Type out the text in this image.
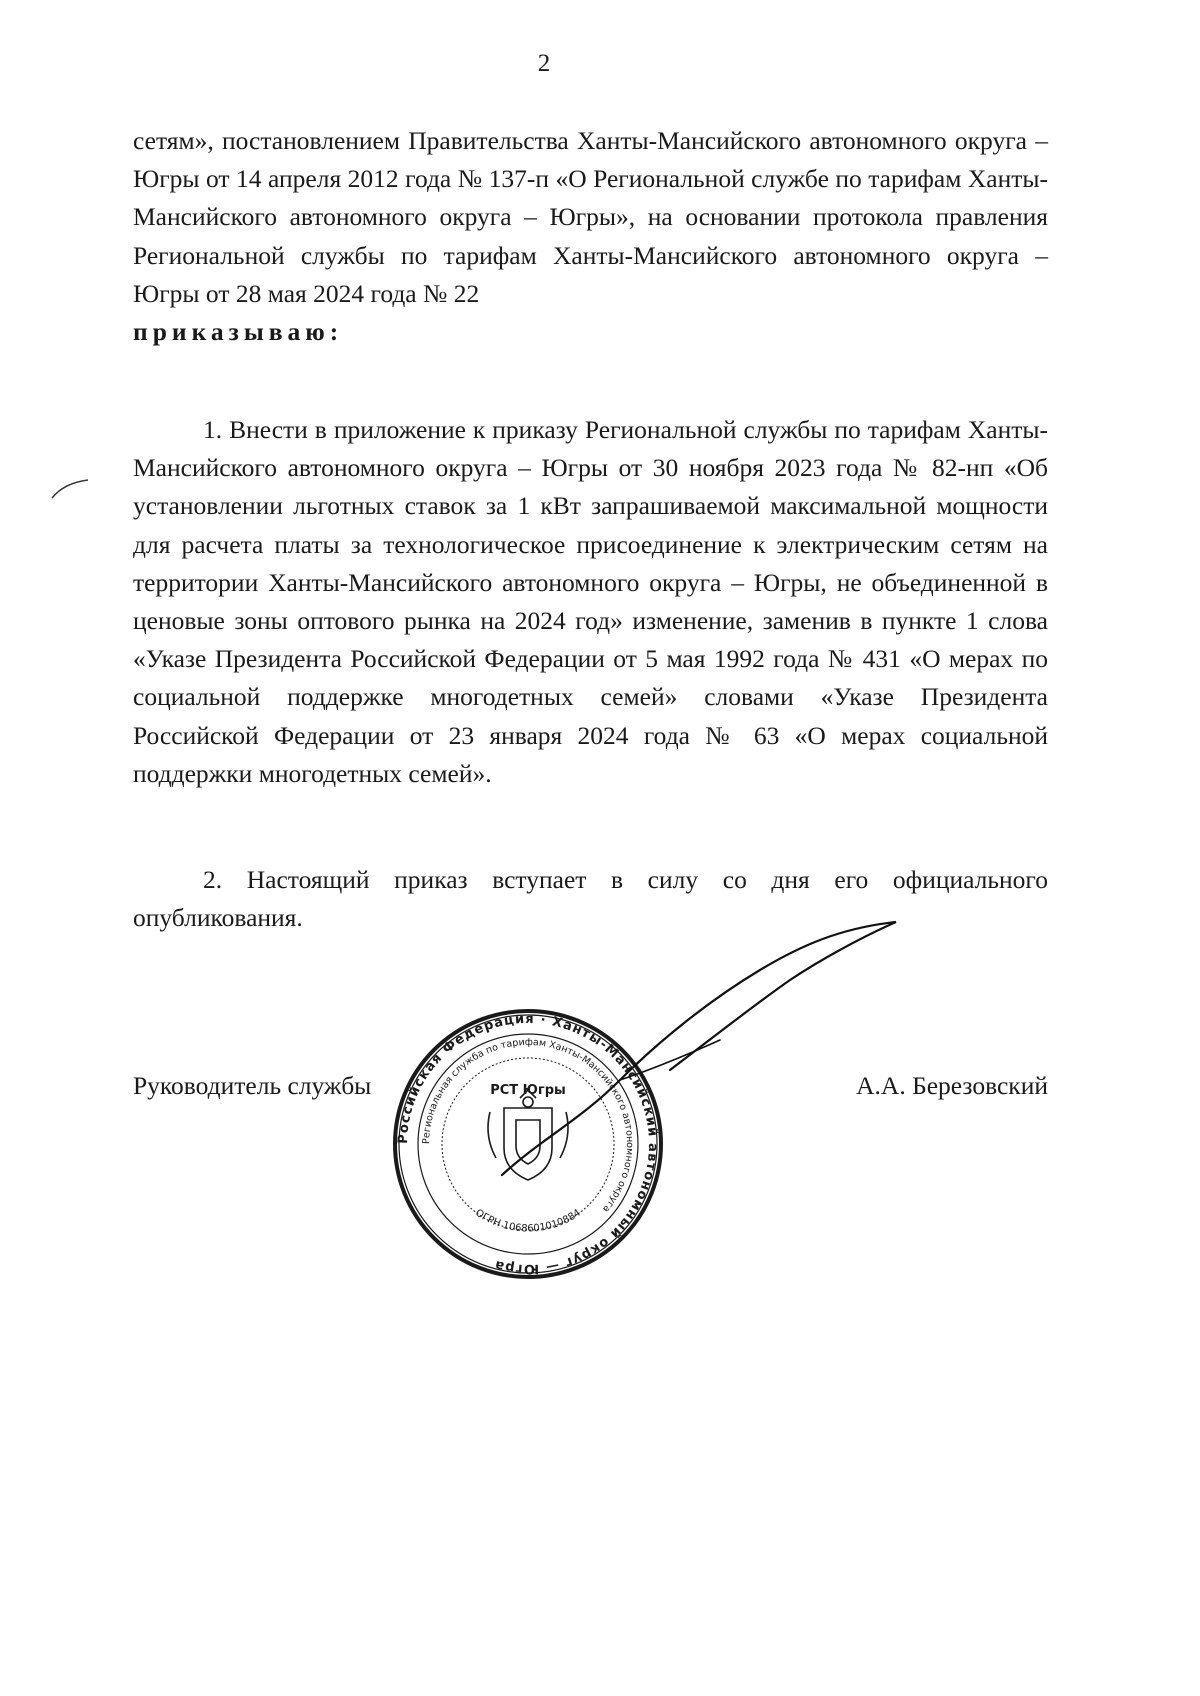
2
сетям», постановлением Правительства Ханты-Мансийского автономного округа – Югры от 14 апреля 2012 года № 137-п «О Региональной службе по тарифам Ханты-Мансийского автономного округа – Югры», на основании протокола правления Региональной службы по тарифам Ханты-Мансийского автономного округа – Югры от 28 мая 2024 года № 22
приказываю:

1. Внести в приложение к приказу Региональной службы по тарифам Ханты-Мансийского автономного округа – Югры от 30 ноября 2023 года № 82-нп «Об установлении льготных ставок за 1 кВт запрашиваемой максимальной мощности для расчета платы за технологическое присоединение к электрическим сетям на территории Ханты-Мансийского автономного округа – Югры, не объединенной в ценовые зоны оптового рынка на 2024 год» изменение, заменив в пункте 1 слова «Указе Президента Российской Федерации от 5 мая 1992 года № 431 «О мерах по социальной поддержке многодетных семей» словами «Указе Президента Российской Федерации от 23 января 2024 года № 63 «О мерах социальной поддержки многодетных семей».

2. Настоящий приказ вступает в силу со дня его официального опубликования.

Руководитель службы	А.А. Березовский
Российская Федерация · Ханты-Мансийский автономный округ — Югра
Региональная служба по тарифам Ханты-Мансийского автономного округа
ОГРН 1068601010884
РСТ Югры
